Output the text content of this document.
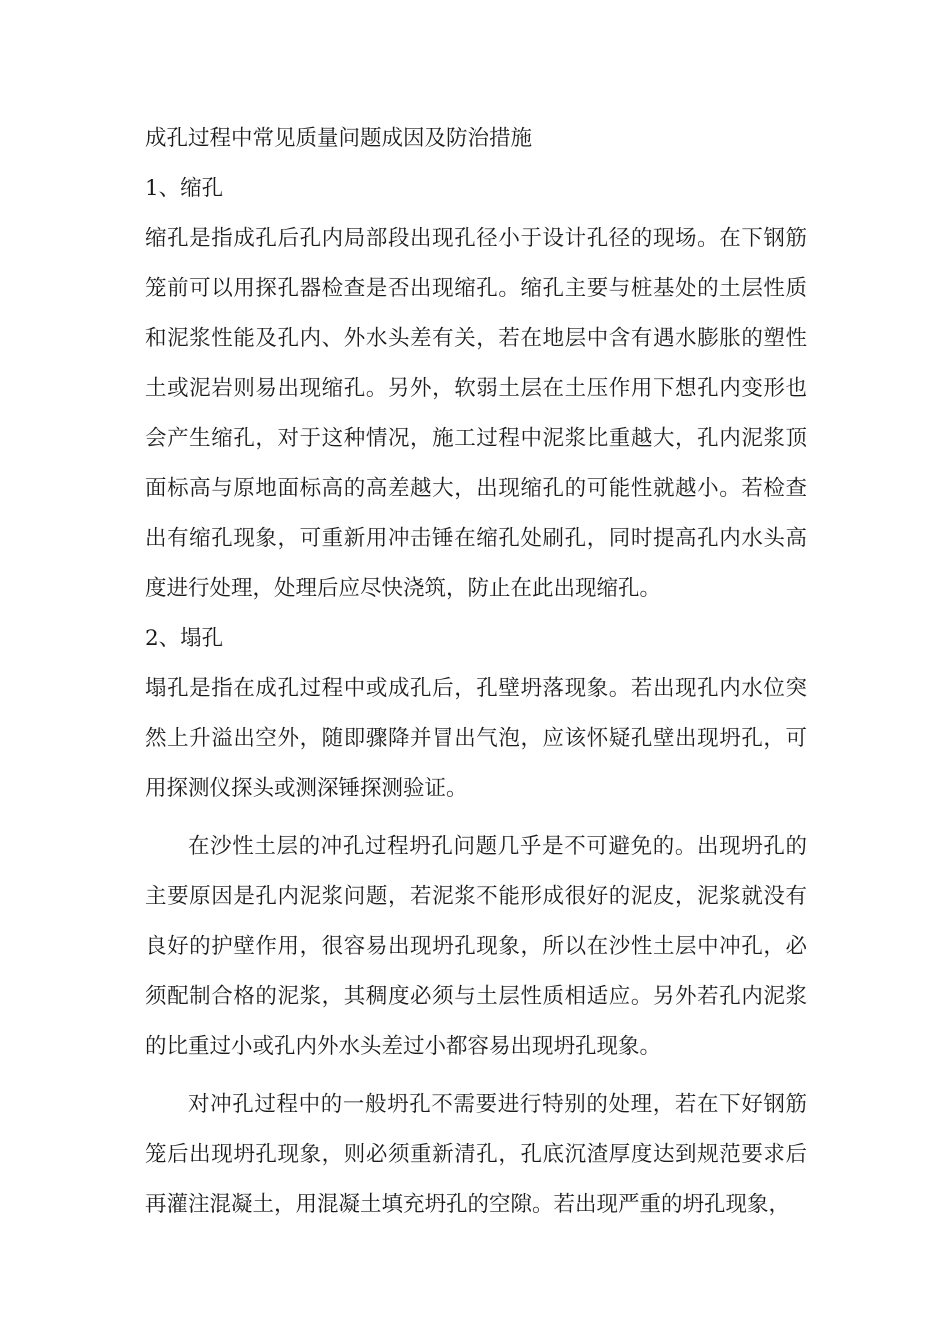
成孔过程中常见质量问题成因及防治措施

1、缩孔

缩孔是指成孔后孔内局部段出现孔径小于设计孔径的现场。在下钢筋笼前可以用探孔器检查是否出现缩孔。缩孔主要与桩基处的土层性质和泥浆性能及孔内、外水头差有关，若在地层中含有遇水膨胀的塑性土或泥岩则易出现缩孔。另外，软弱土层在土压作用下想孔内变形也会产生缩孔，对于这种情况，施工过程中泥浆比重越大，孔内泥浆顶面标高与原地面标高的高差越大，出现缩孔的可能性就越小。若检查出有缩孔现象，可重新用冲击锤在缩孔处刷孔，同时提高孔内水头高度进行处理，处理后应尽快浇筑，防止在此出现缩孔。

2、塌孔

塌孔是指在成孔过程中或成孔后，孔壁坍落现象。若出现孔内水位突然上升溢出空外，随即骤降并冒出气泡，应该怀疑孔壁出现坍孔，可用探测仪探头或测深锤探测验证。

在沙性土层的冲孔过程坍孔问题几乎是不可避免的。出现坍孔的主要原因是孔内泥浆问题，若泥浆不能形成很好的泥皮，泥浆就没有良好的护壁作用，很容易出现坍孔现象，所以在沙性土层中冲孔，必须配制合格的泥浆，其稠度必须与土层性质相适应。另外若孔内泥浆的比重过小或孔内外水头差过小都容易出现坍孔现象。

对冲孔过程中的一般坍孔不需要进行特别的处理，若在下好钢筋笼后出现坍孔现象，则必须重新清孔，孔底沉渣厚度达到规范要求后再灌注混凝土，用混凝土填充坍孔的空隙。若出现严重的坍孔现象，
